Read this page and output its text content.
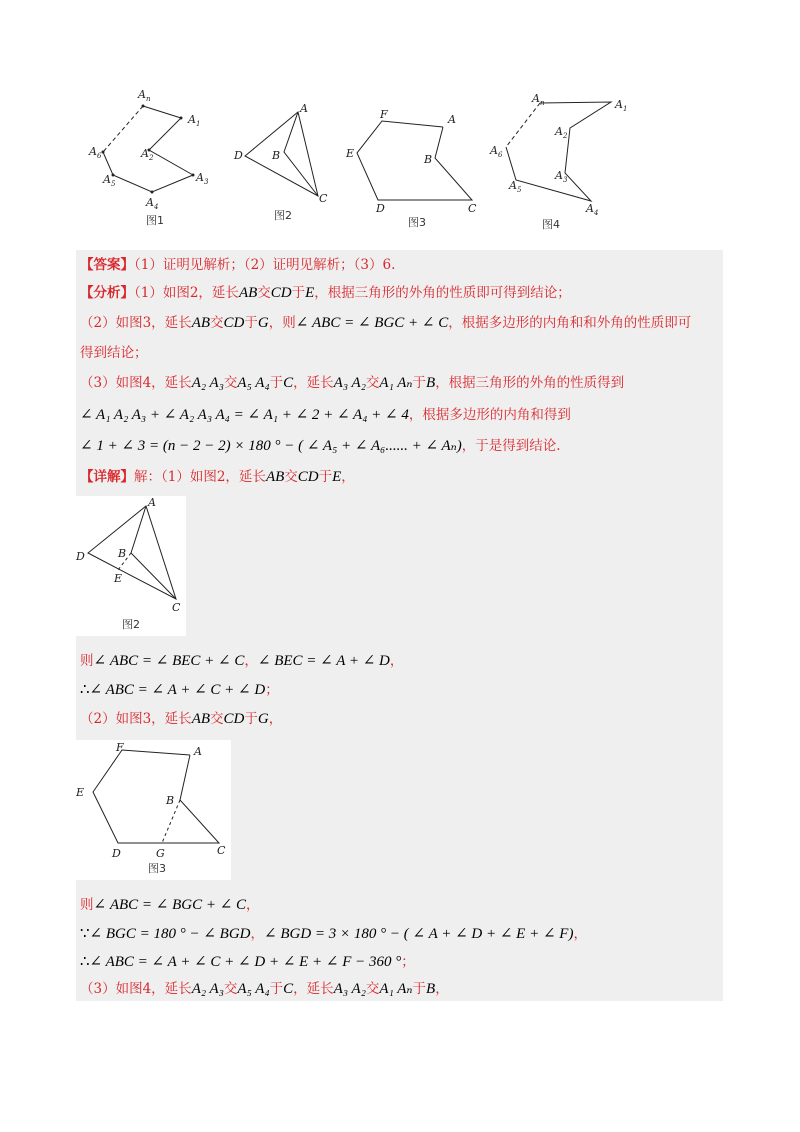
$A_n$
$A_1$
$A_2$
$A_3$
$A_4$
$A_5$
$A_6$
图1
A
B
C
D
图2
F	A
B
E
D	C
图3
$A_n$	$A_1$
$A_2$
$A_3$
$A_4$
$A_5$
$A_6$
图4
【答案】（1）证明见解析；（2）证明见解析；（3）6.
【分析】（1）如图2，延长AB交CD于E，根据三角形的外角的性质即可得到结论；
（2）如图3，延长AB交CD于G，则∠ ABC = ∠ BGC + ∠ C，根据多边形的内角和和外角的性质即可
得到结论；
（3）如图4，延长A₂ A₃交A₅ A₄于C，延长A₃ A₂交A₁ Aₙ于B，根据三角形的外角的性质得到
∠ A₁ A₂ A₃ + ∠ A₂ A₃ A₄ = ∠ A₁ + ∠ 2 + ∠ A₄ + ∠ 4，根据多边形的内角和得到
∠ 1 + ∠ 3 = (n − 2 − 2) × 180 ° − ( ∠ A₅ + ∠ A₆...... + ∠ Aₙ)，于是得到结论.
【详解】解：（1）如图2，延长AB交CD于E，
A
B
C
D
E
图2
则∠ ABC = ∠ BEC + ∠ C，∠ BEC = ∠ A + ∠ D，
∴∠ ABC = ∠ A + ∠ C + ∠ D；
（2）如图3，延长AB交CD于G，
F	A
B
E
D	G	C
图3
则∠ ABC = ∠ BGC + ∠ C，
∵∠ BGC = 180 ° − ∠ BGD，∠ BGD = 3 × 180 ° − ( ∠ A + ∠ D + ∠ E + ∠ F)，
∴∠ ABC = ∠ A + ∠ C + ∠ D + ∠ E + ∠ F − 360 °；
（3）如图4，延长A₂ A₃交A₅ A₄于C，延长A₃ A₂交A₁ Aₙ于B，
